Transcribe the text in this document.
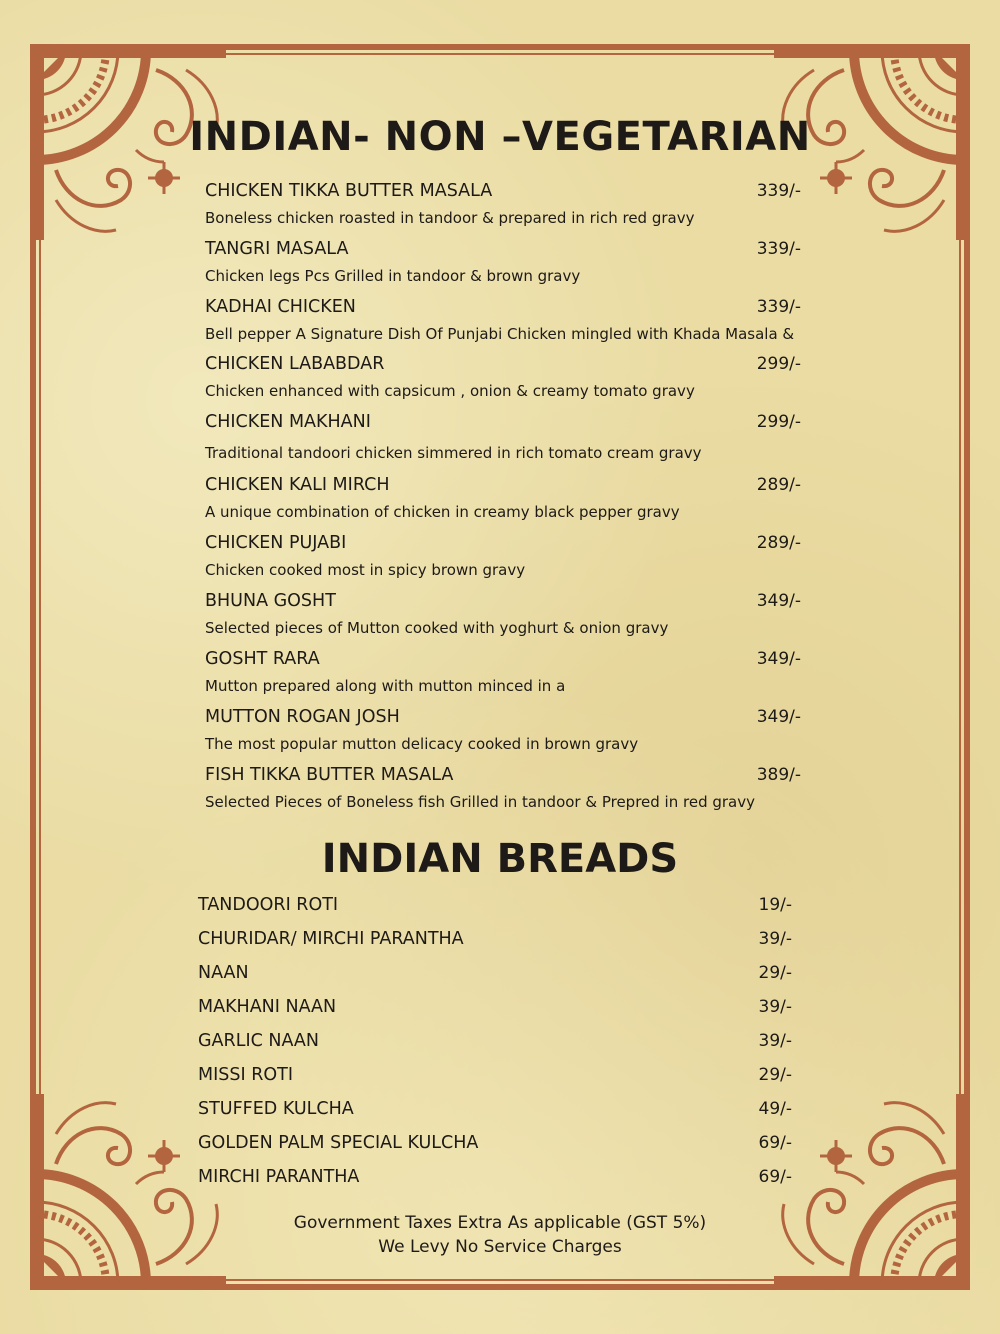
INDIAN- NON –VEGETARIAN
CHICKEN TIKKA BUTTER MASALA	339/-
Boneless chicken roasted in tandoor & prepared in rich red gravy
TANGRI MASALA	339/-
Chicken legs Pcs Grilled in tandoor & brown gravy
KADHAI CHICKEN	339/-
Bell pepper A Signature Dish Of Punjabi Chicken mingled with Khada Masala &
CHICKEN LABABDAR	299/-
Chicken enhanced with capsicum , onion & creamy tomato gravy
CHICKEN MAKHANI	299/-
Traditional tandoori chicken simmered in rich tomato cream gravy
CHICKEN KALI MIRCH	289/-
A unique combination of chicken in creamy black pepper gravy
CHICKEN PUJABI	289/-
Chicken cooked most in spicy brown gravy
BHUNA GOSHT	349/-
Selected pieces of Mutton cooked with yoghurt & onion gravy
GOSHT RARA	349/-
Mutton prepared along with mutton minced in a
MUTTON ROGAN JOSH	349/-
The most popular mutton delicacy cooked in brown gravy
FISH TIKKA BUTTER MASALA	389/-
Selected Pieces of Boneless fish Grilled in tandoor & Prepred in red gravy
INDIAN BREADS
TANDOORI ROTI	19/-
CHURIDAR/ MIRCHI PARANTHA	39/-
NAAN	29/-
MAKHANI NAAN	39/-
GARLIC NAAN	39/-
MISSI ROTI	29/-
STUFFED KULCHA	49/-
GOLDEN PALM SPECIAL KULCHA	69/-
MIRCHI PARANTHA	69/-
Government Taxes Extra As applicable (GST 5%)
We Levy No Service Charges
